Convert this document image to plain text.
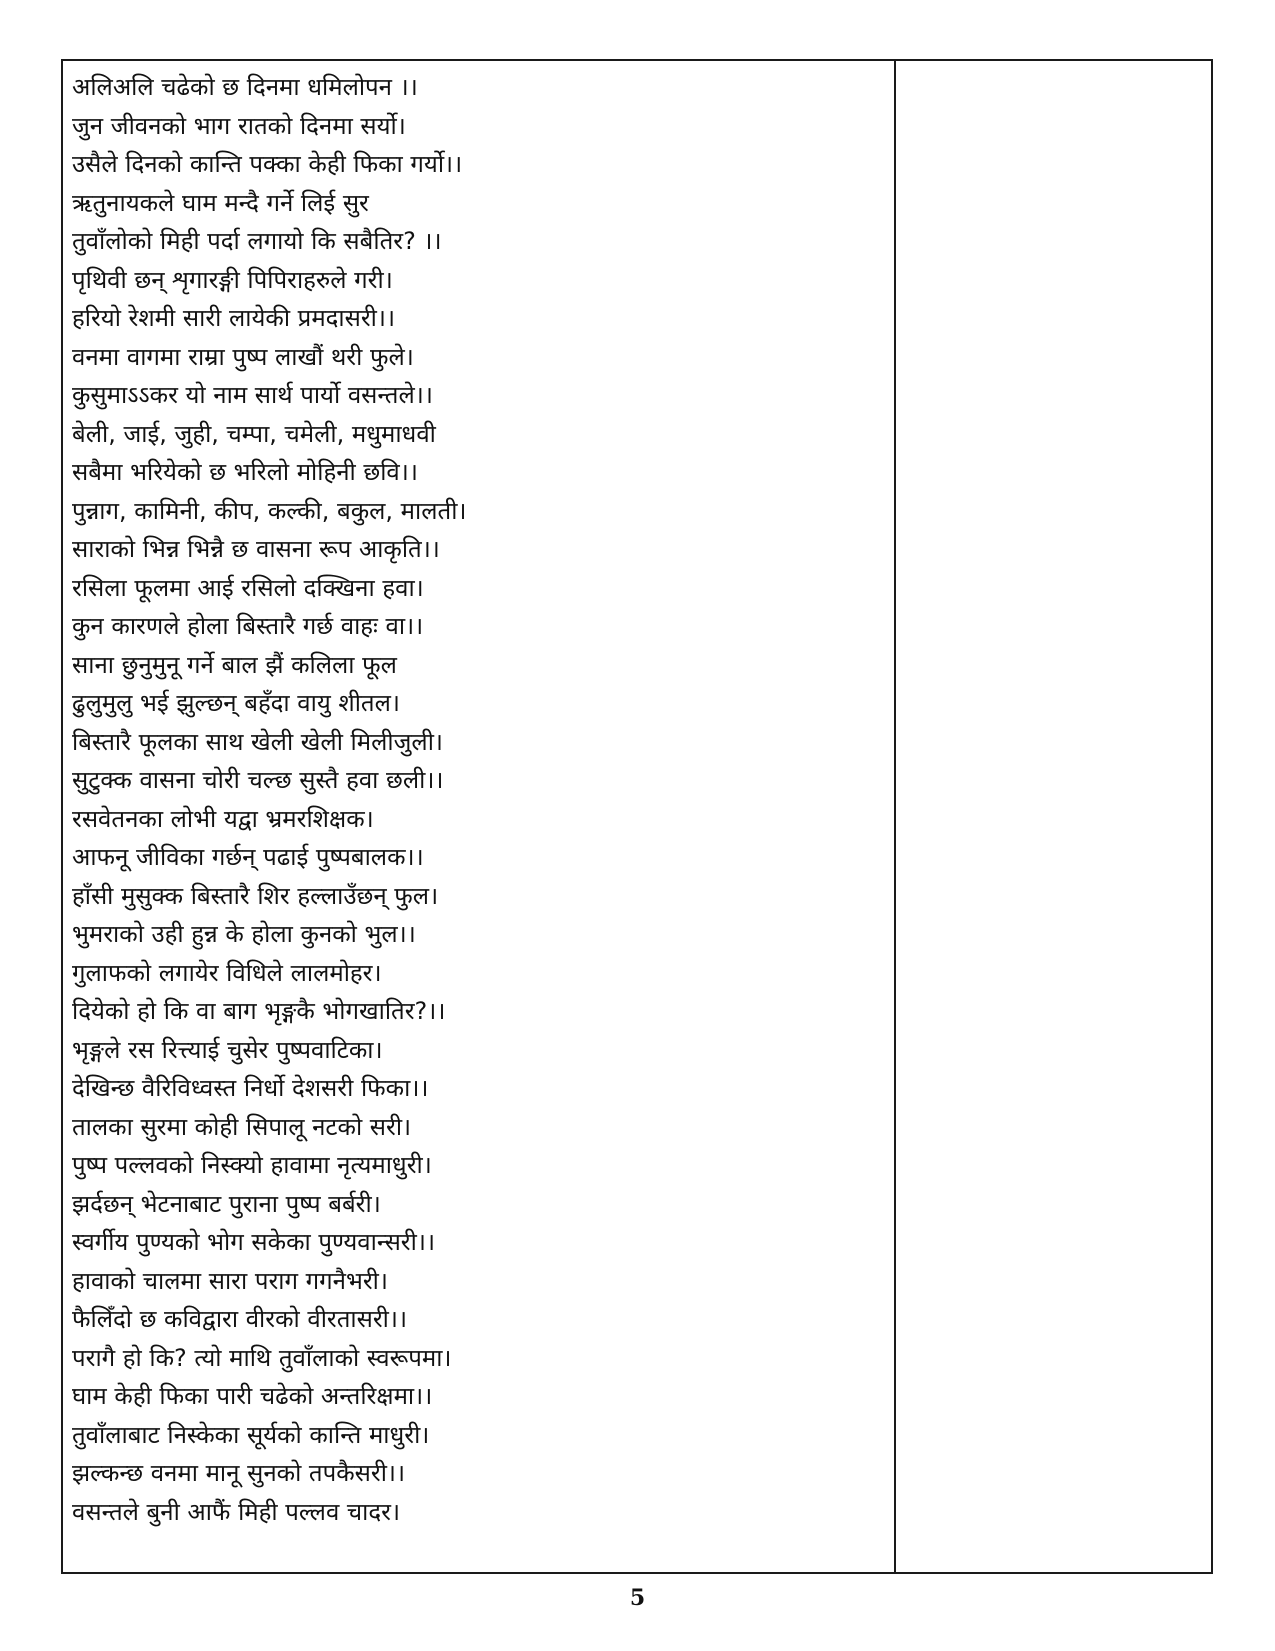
अलिअलि चढेको छ दिनमा धमिलोपन ।।
जुन जीवनको भाग रातको दिनमा सर्यो।
उसैले दिनको कान्ति पक्का केही फिका गर्यो।।
ऋतुनायकले घाम मन्दै गर्ने लिई सुर
तुवाँलोको मिही पर्दा लगायो कि सबैतिर? ।।
पृथिवी छन् शृगारङ्गी पिपिराहरुले गरी।
हरियो रेशमी सारी लायेकी प्रमदासरी।।
वनमा वागमा राम्रा पुष्प लाखौं थरी फुले।
कुसुमाऽऽकर यो नाम सार्थ पार्यो वसन्तले।।
बेली, जाई, जुही, चम्पा, चमेली, मधुमाधवी
सबैमा भरियेको छ भरिलो मोहिनी छवि।।
पुन्नाग, कामिनी, कीप, कल्की, बकुल, मालती।
साराको भिन्न भिन्नै छ वासना रूप आकृति।।
रसिला फूलमा आई रसिलो दक्खिना हवा।
कुन कारणले होला बिस्तारै गर्छ वाहः वा।।
साना छुनुमुनू गर्ने बाल झैं कलिला फूल
ढुलुमुलु भई झुल्छन् बहँदा वायु शीतल।
बिस्तारै फूलका साथ खेली खेली मिलीजुली।
सुटुक्क वासना चोरी चल्छ सुस्तै हवा छली।।
रसवेतनका लोभी यद्वा भ्रमरशिक्षक।
आफनू जीविका गर्छन् पढाई पुष्पबालक।।
हाँसी मुसुक्क बिस्तारै शिर हल्लाउँछन् फुल।
भुमराको उही हुन्न के होला कुनको भुल।।
गुलाफको लगायेर विधिले लालमोहर।
दियेको हो कि वा बाग भृङ्गकै भोगखातिर?।।
भृङ्गले रस रित्त्याई चुसेर पुष्पवाटिका।
देखिन्छ वैरिविध्वस्त निर्धो देशसरी फिका।।
तालका सुरमा कोही सिपालू नटको सरी।
पुष्प पल्लवको निस्क्यो हावामा नृत्यमाधुरी।
झर्दछन् भेटनाबाट पुराना पुष्प बर्बरी।
स्वर्गीय पुण्यको भोग सकेका पुण्यवान्सरी।।
हावाको चालमा सारा पराग गगनैभरी।
फैलिँदो छ कविद्वारा वीरको वीरतासरी।।
परागै हो कि? त्यो माथि तुवाँलाको स्वरूपमा।
घाम केही फिका पारी चढेको अन्तरिक्षमा।।
तुवाँलाबाट निस्केका सूर्यको कान्ति माधुरी।
झल्कन्छ वनमा मानू सुनको तपकैसरी।।
वसन्तले बुनी आफैं मिही पल्लव चादर।
5
